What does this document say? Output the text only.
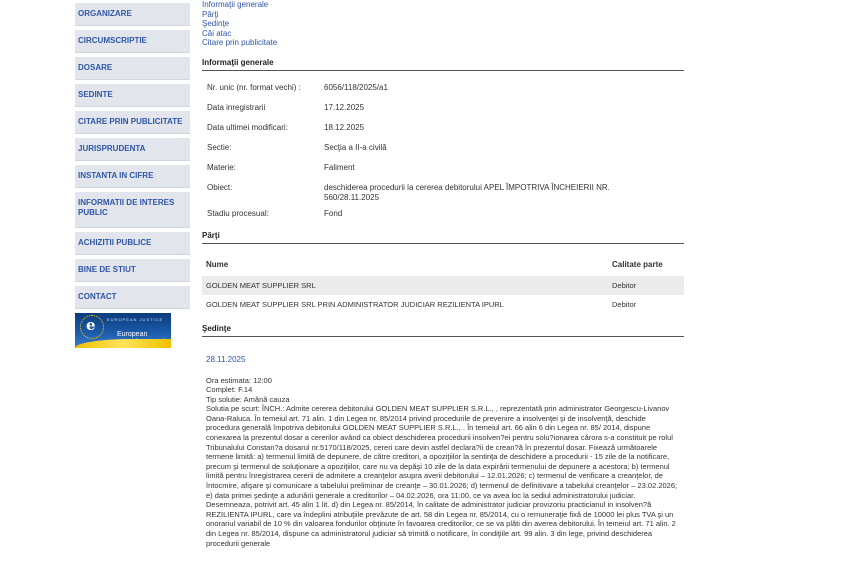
ORGANIZARE
CIRCUMSCRIPTIE
DOSARE
SEDINTE
CITARE PRIN PUBLICITATE
JURISPRUDENTA
INSTANTA IN CIFRE
INFORMATII DE INTERES PUBLIC
ACHIZITII PUBLICE
BINE DE STIUT
CONTACT
e	EUROPEAN JUSTICE
European

Informaţii generale
Părţi
Şedinţe
Căi atac
Citare prin publicitate
Informaţii generale
Nr. unic (nr. format vechi) :	6056/118/2025/a1
Data inregistrarii	17.12.2025
Data ultimei modificari:	18.12.2025
Sectie:	Secţia a II-a civilă
Materie:	Faliment
Obiect:	deschiderea procedurii la cererea debitorului APEL ÎMPOTRIVA ÎNCHEIERII NR. 560/28.11.2025
Stadiu procesual:	Fond
Părţi
Nume	Calitate parte
GOLDEN MEAT SUPPLIER SRL	Debitor
GOLDEN MEAT SUPPLIER SRL PRIN ADMINISTRATOR JUDICIAR REZILIENTA IPURL	Debitor
Şedinţe
28.11.2025
Ora estimata: 12:00
Complet: F.14
Tip solutie: Amână cauza
Solutia pe scurt: ÎNCH.: Admite cererea debitorului GOLDEN MEAT SUPPLIER S.R.L., , reprezentată prin administrator Georgescu-Livanov Oana-Raluca. În temeiul art. 71 alin. 1 din Legea nr. 85/2014 privind procedurile de prevenire a insolvenţei şi de insolvenţă, deschide procedura generală împotriva debitorului GOLDEN MEAT SUPPLIER S.R.L., . În temeiul art. 66 alin 6 din Legea nr. 85/ 2014, dispune conexarea la prezentul dosar a cererilor având ca obiect deschiderea procedurii insolven?ei pentru solu?ionarea cărora s-a constituit pe rolul Tribunalului Constan?a dosarul nr.5170/118/2025, cereri care devin astfel declara?ii de crean?ă în prezentul dosar. Fixează următoarele termene limită: a) termenul limită de depunere, de către creditori, a opoziţiilor la sentinţa de deschidere a procedurii - 15 zile de la notificare, precum şi termenul de soluţionare a opoziţiilor, care nu va depăşi 10 zile de la data expirării termenului de depunere a acestora; b) termenul limită pentru înregistrarea cererii de admitere a creanţelor asupra averii debitorului – 12.01.2026; c) termenul de verificare a creanţelor, de întocmire, afişare şi comunicare a tabelului preliminar de creanţe – 30.01.2026; d) termenul de definitivare a tabelului creanţelor – 23.02.2026; e) data primei şedinţe a adunării generale a creditorilor – 04.02.2026, ora 11:00, ce va avea loc la sediul administratorului judiciar. Desemneaza, potrivit art. 45 alin 1 lit. d) din Legea nr. 85/2014, în calitate de administrator judiciar provizoriu practicianul in insolven?ă REZILIENTA IPURL, care va îndeplini atribuţiile prevăzute de art. 58 din Legea nr. 85/2014, cu o remuneraţie fixă de 10000 lei plus TVA şi un onorariul variabil de 10 % din valoarea fondurilor obţinute în favoarea creditorilor, ce se va plăti din averea debitorului. În temeiul art. 71 alin. 2 din Legea nr. 85/2014, dispune ca administratorul judiciar să trimită o notificare, în condiţiile art. 99 alin. 3 din lege, privind deschiderea procedurii generale
